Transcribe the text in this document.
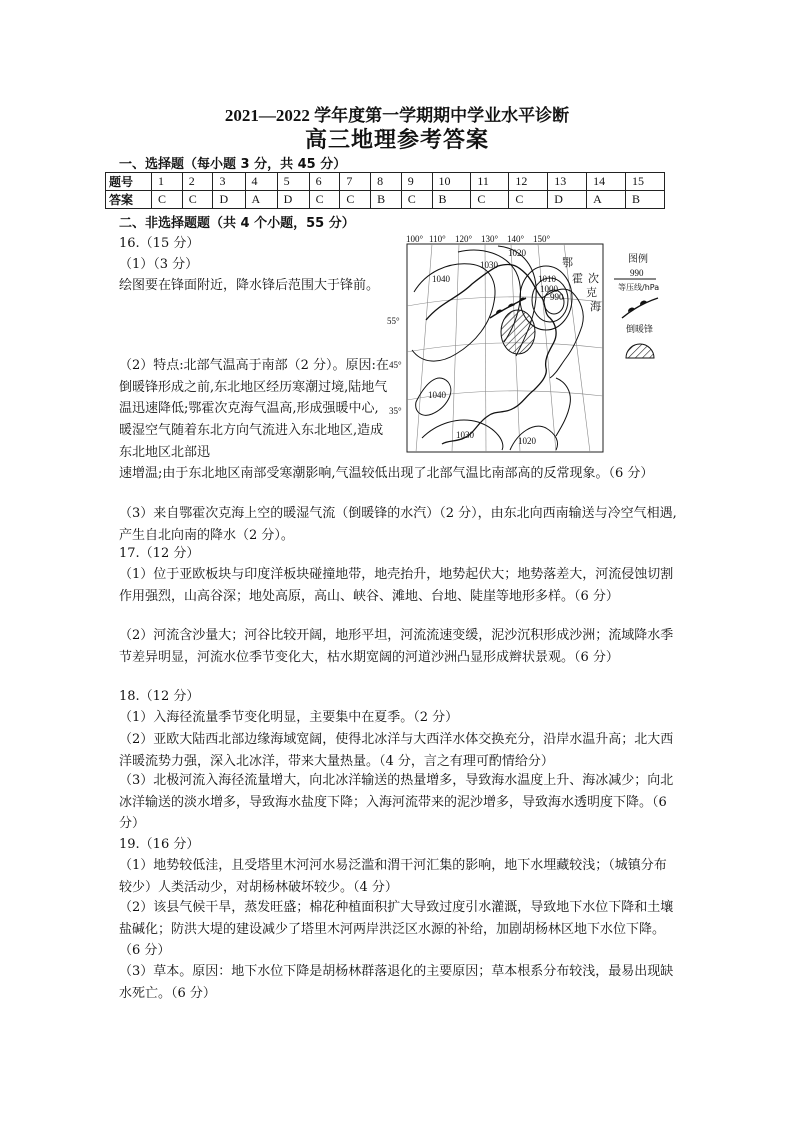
2021—2022 学年度第一学期期中学业水平诊断
高三地理参考答案
一、选择题（每小题 3 分，共 45 分）
题号	1	2	3	4	5	6	7	8	9	10	11	12	13	14	15
答案	C	C	D	A	D	C	C	B	C	B	C	C	D	A	B
二、非选择题题（共 4 个小题，55 分）
16.（15 分）
（1）（3 分）
绘图要在锋面附近，降水锋后范围大于锋前。
（2）特点:北部气温高于南部（2 分）。原因:在倒暖锋形成之前,东北地区经历寒潮过境,陆地气温迅速降低;鄂霍次克海气温高,形成强暖中心,暖湿空气随着东北方向气流进入东北地区,造成东北地区北部迅
速增温;由于东北地区南部受寒潮影响,气温较低出现了北部气温比南部高的反常现象。（6 分）
（3）来自鄂霍次克海上空的暖湿气流（倒暖锋的水汽）（2 分），由东北向西南输送与冷空气相遇,产生自北向南的降水（2 分）。
100° 110° 120° 130° 140° 150°
55°
45°
35°
1040
1030
1020
1010
1000
990
1040
1030
1020
鄂
霍 次
克
海
图例
990
等压线/hPa
倒暖锋
17.（12 分）
（1）位于亚欧板块与印度洋板块碰撞地带，地壳抬升，地势起伏大；地势落差大，河流侵蚀切割作用强烈，山高谷深；地处高原，高山、峡谷、滩地、台地、陡崖等地形多样。（6 分）
（2）河流含沙量大；河谷比较开阔，地形平坦，河流流速变缓，泥沙沉积形成沙洲；流域降水季节差异明显，河流水位季节变化大，枯水期宽阔的河道沙洲凸显形成辫状景观。（6 分）
18.（12 分）
（1）入海径流量季节变化明显，主要集中在夏季。（2 分）
（2）亚欧大陆西北部边缘海域宽阔，使得北冰洋与大西洋水体交换充分，沿岸水温升高；北大西洋暖流势力强，深入北冰洋，带来大量热量。（4 分，言之有理可酌情给分）
（3）北极河流入海径流量增大，向北冰洋输送的热量增多，导致海水温度上升、海冰减少；向北冰洋输送的淡水增多，导致海水盐度下降；入海河流带来的泥沙增多，导致海水透明度下降。（6 分）
19.（16 分）
（1）地势较低洼，且受塔里木河河水易泛滥和渭干河汇集的影响，地下水埋藏较浅；（城镇分布较少）人类活动少，对胡杨林破坏较少。（4 分）
（2）该县气候干旱，蒸发旺盛；棉花种植面积扩大导致过度引水灌溉，导致地下水位下降和土壤盐碱化；防洪大堤的建设减少了塔里木河两岸洪泛区水源的补给，加剧胡杨林区地下水位下降。（6 分）
（3）草本。原因：地下水位下降是胡杨林群落退化的主要原因；草本根系分布较浅，最易出现缺水死亡。（6 分）
